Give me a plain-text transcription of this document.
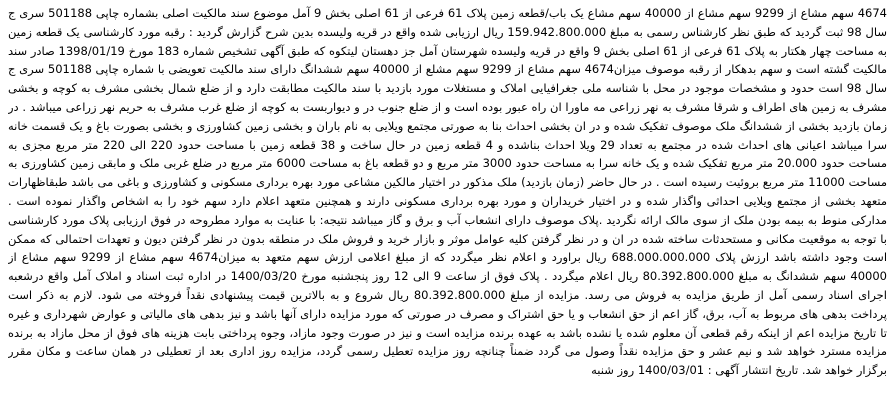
4674 سهم مشاع از 9299 سهم مشاع از 40000 سهم مشاع یک باب/قطعه زمین پلاک 61 فرعی از 61 اصلی بخش 9 آمل موضوع سند مالکیت اصلی بشماره چاپی 501188 سری ج سال 98 ثبت گردید که طبق نظر کارشناس رسمی به مبلغ 159.942.800.000 ریال ارزیابی شده واقع در قریه ولیسده بدین شرح گزارش گردید : رقبه مورد کارشناسی یک قطعه زمین به مساحت چهار هکتار به پلاک 61 فرعی از 61 اصلی بخش 9 واقع در قریه ولیسده شهرستان آمل جز دهستان لیتکوه که طبق آگهی تشخیص شماره 183 مورخ 1398/01/19 صادر سند مالکیت گشته است و سهم بدهکار از رقبه موصوف میزان4674 سهم مشاع از 9299 سهم مشلع از 40000 سهم ششدانگ دارای سند مالکیت تعویضی با شماره چاپی 501188 سری ج سال 98 است حدود و مشخصات موجود در محل با شناسه ملی جغرافیایی املاک و مستغلات مورد بازدید با سند مالکیت مطابقت دارد و از ضلع شمال بخشی مشرف به کوچه و بخشی مشرف به زمین های اطراف و شرقا مشرف به نهر زراعی مه ماورا ان راه عبور بوده است و از ضلع جنوب در و دیواربست به کوچه از ضلع غرب مشرف به حریم نهر زراعی میباشد . در زمان بازدید بخشی از ششدانگ ملک موصوف تفکیک شده و در ان بخشی احداث بنا به صورتی مجتمع ویلایی به نام باران و بخشی زمین کشاورزی و بخشی بصورت باغ و یک قسمت خانه سرا میباشد اعیانی های احداث شده در مجتمع به تعداد 29 ویلا احداث بناشده و 4 قطعه زمین در حال ساخت و 38 قطعه زمین با مساحت حدود 220 الی 220 متر مربع مجزی به مساحت حدود 20.000 متر مربع تفکیک شده و یک خانه سرا به مساحت حدود 3000 متر مربع و دو قطعه باغ به مساحت 6000 متر مربع در ضلع غربی ملک و مابقی زمین کشاورزی به مساحت 11000 متر مربع بروئیت رسیده است . در حال حاضر (زمان بازدید) ملک مذکور در اختیار مالکین مشاعی مورد بهره برداری مسکونی و کشاورزی و باغی می باشد طبقاظهارات متعهد بخشی از مجتمع ویلایی احداثی واگذار شده و در اختیار خریداران و مورد بهره برداری مسکونی دارند و همچنین متعهد اعلام دارد سهم خود را به اشخاص واگذار نموده است . مدارکی منوط به بیمه بودن ملک از سوی مالک ارائه نگردید .پلاک موصوف دارای انشعاب آب و برق و گاز میباشد نتیجه: با عنایت به موارد مطروحه در فوق ارزیابی پلاک مورد کارشناسی با توجه به موقعیت مکانی و مستحدثات ساخته شده در ان و در نظر گرفتن کلیه عوامل موثر و بازار خرید و فروش ملک در منطقه بدون در نظر گرفتن دیون و تعهدات احتمالی که ممکن است وجود داشته باشد ارزش پلاک 688.000.000.000 ریال براورد و اعلام نظر میگردد که از مبلغ اعلامی ارزش سهم متعهد به میزان4674 سهم مشاع از 9299 سهم مشاع از 40000 سهم ششدانگ به مبلغ 80.392.800.000 ریال اعلام میگردد . پلاک فوق از ساعت 9 الی 12 روز پنجشنبه مورخ 1400/03/20 در اداره ثبت اسناد و املاک آمل واقع درشعبه اجرای اسناد رسمی آمل از طریق مزایده به فروش می رسد. مزایده از مبلغ 80.392.800.000 ریال شروع و به بالاترین قیمت پیشنهادی نقداً فروخته می شود. لازم به ذکر است پرداخت بدهی های مربوط به آب، برق، گاز اعم از حق انشعاب و یا حق اشتراک و مصرف در صورتی که مورد مزایده دارای آنها باشد و نیز بدهی های مالیاتی و عوارض شهرداری و غیره تا تاریخ مزایده اعم از اینکه رقم قطعی آن معلوم شده یا نشده باشد به عهده برنده مزایده است و نیز در صورت وجود مازاد، وجوه پرداختی بابت هزینه های فوق از محل مازاد به برنده مزایده مسترد خواهد شد و نیم عشر و حق مزایده نقداً وصول می گردد ضمناً چنانچه روز مزایده تعطیل رسمی گردد، مزایده روز اداری بعد از تعطیلی در همان ساعت و مکان مقرر برگزار خواهد شد. تاریخ انتشار آگهی : 1400/03/01 روز شنبه
